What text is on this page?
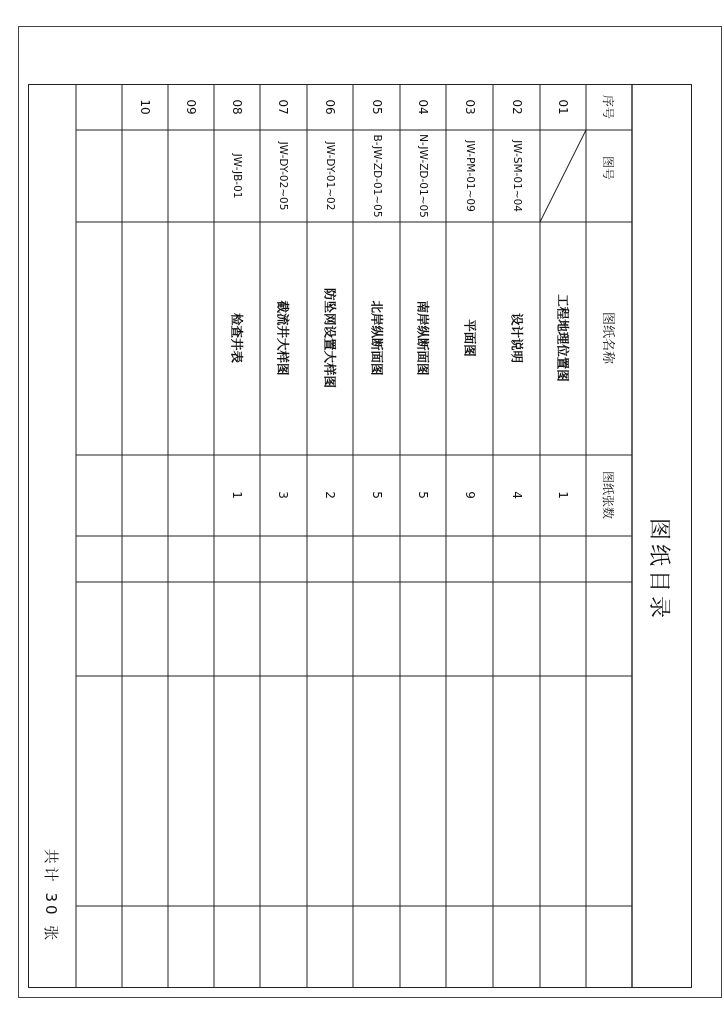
图纸目录
序号
图号
图纸名称
图纸张数
01
工程地理位置图
1
02
JW-SM-01~04
设计说明
4
03
JW-PM-01~09
平面图
9
04
N-JW-ZD-01~05
南岸纵断面图
5
05
B-JW-ZD-01~05
北岸纵断面图
5
06
JW-DY-01~02
防坠网设置大样图
2
07
JW-DY-02~05
截流井大样图
3
08
JW-JB-01
检查井表
1
09
10
共计 30 张
